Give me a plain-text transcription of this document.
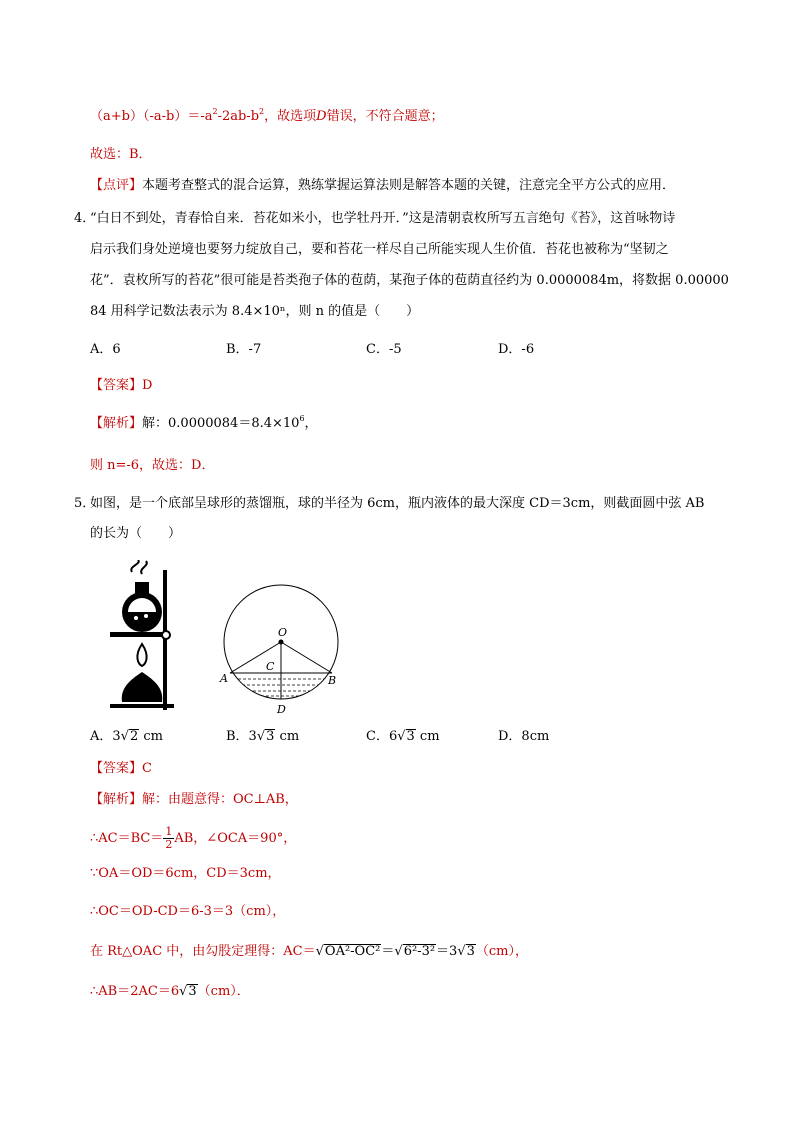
$(a+b)(-a-b)=-a^2-2ab-b^2$，故选项D错误，不符合题意；
故选：B．
【点评】本题考查整式的混合运算，熟练掌握运算法则是解答本题的关键，注意完全平方公式的应用．
4．
“白日不到处，青春恰自来．苔花如米小，也学牡丹开．”这是清朝袁枚所写五言绝句《苔》，这首咏物诗
启示我们身处逆境也要努力绽放自己，要和苔花一样尽自己所能实现人生价值．苔花也被称为“坚韧之
花”．袁枚所写的苔花”很可能是苔类孢子体的苞荫，某孢子体的苞荫直径约为 0.0000084m，将数据 0.00000
84 用科学记数法表示为 8.4×10ⁿ，则 n 的值是（　　）
A．6	B．-7	C．-5	D．-6
【答案】D
【解析】解：$0.0000084=8.4\times 10^6$，
则 n=-6，故选：D．
5．
如图，是一个底部呈球形的蒸馏瓶，球的半径为 6cm，瓶内液体的最大深度 CD＝3cm，则截面圆中弦 AB
的长为（　　）
O
C
A	B
D
A．3√2 cm	B．3√3 cm	C．6√3 cm	D．8cm
【答案】C
【解析】解：由题意得：OC⊥AB，
∴AC＝BC＝ $\frac{1}{2}$ AB，∠OCA＝90°，
∵OA＝OD＝6cm，CD＝3cm，
∴OC＝OD-CD＝6-3＝3（cm），
在 Rt△OAC 中，由勾股定理得：AC＝√OA²-OC²＝√6²-3²＝3√3（cm），
∴AB＝2AC＝6√3（cm）．
